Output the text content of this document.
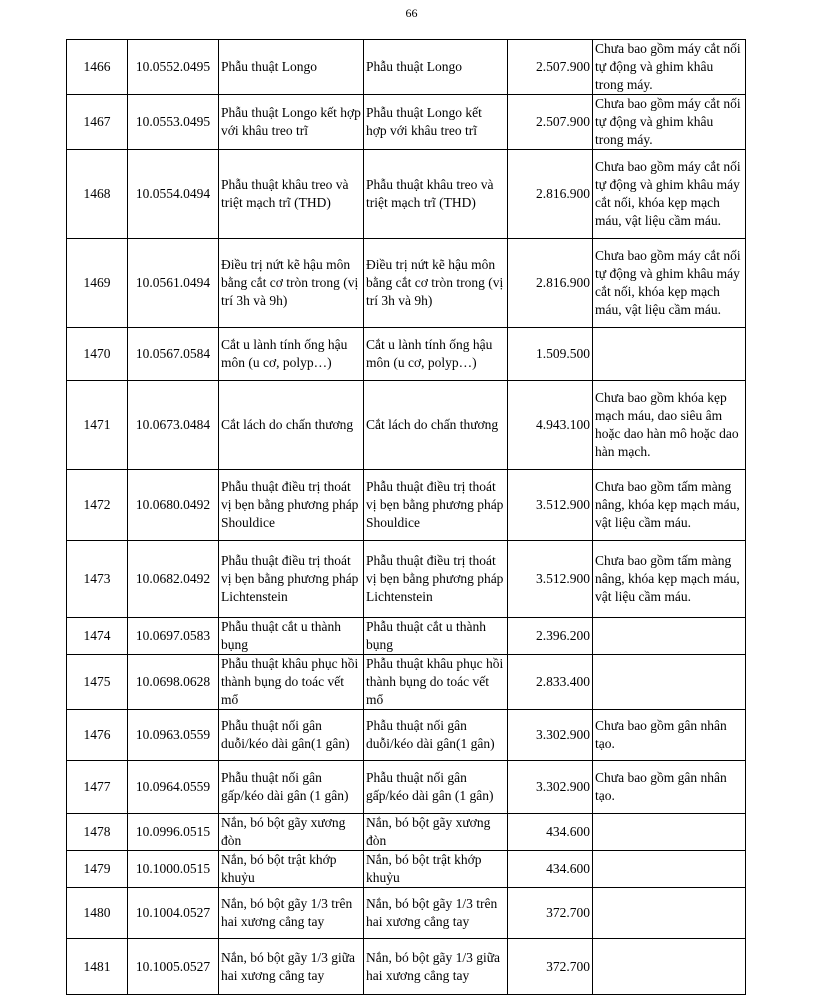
66
1466	10.0552.0495	Phẫu thuật Longo	Phẫu thuật Longo	2.507.900	Chưa bao gồm máy cắt nối tự động và ghim khâu trong máy.
1467	10.0553.0495	Phẫu thuật Longo kết hợp với khâu treo trĩ	Phẫu thuật Longo kết hợp với khâu treo trĩ	2.507.900	Chưa bao gồm máy cắt nối tự động và ghim khâu trong máy.
1468	10.0554.0494	Phẫu thuật khâu treo và triệt mạch trĩ (THD)	Phẫu thuật khâu treo và triệt mạch trĩ (THD)	2.816.900	Chưa bao gồm máy cắt nối tự động và ghim khâu máy cắt nối, khóa kẹp mạch máu, vật liệu cầm máu.
1469	10.0561.0494	Điều trị nứt kẽ hậu môn bằng cắt cơ tròn trong (vị trí 3h và 9h)	Điều trị nứt kẽ hậu môn bằng cắt cơ tròn trong (vị trí 3h và 9h)	2.816.900	Chưa bao gồm máy cắt nối tự động và ghim khâu máy cắt nối, khóa kẹp mạch máu, vật liệu cầm máu.
1470	10.0567.0584	Cắt u lành tính ống hậu môn (u cơ, polyp…)	Cắt u lành tính ống hậu môn (u cơ, polyp…)	1.509.500	
1471	10.0673.0484	Cắt lách do chấn thương	Cắt lách do chấn thương	4.943.100	Chưa bao gồm khóa kẹp mạch máu, dao siêu âm hoặc dao hàn mô hoặc dao hàn mạch.
1472	10.0680.0492	Phẫu thuật điều trị thoát vị bẹn bằng phương pháp Shouldice	Phẫu thuật điều trị thoát vị bẹn bằng phương pháp Shouldice	3.512.900	Chưa bao gồm tấm màng nâng, khóa kẹp mạch máu, vật liệu cầm máu.
1473	10.0682.0492	Phẫu thuật điều trị thoát vị bẹn bằng phương pháp Lichtenstein	Phẫu thuật điều trị thoát vị bẹn bằng phương pháp Lichtenstein	3.512.900	Chưa bao gồm tấm màng nâng, khóa kẹp mạch máu, vật liệu cầm máu.
1474	10.0697.0583	Phẫu thuật cắt u thành bụng	Phẫu thuật cắt u thành bụng	2.396.200	
1475	10.0698.0628	Phẫu thuật khâu phục hồi thành bụng do toác vết mổ	Phẫu thuật khâu phục hồi thành bụng do toác vết mổ	2.833.400	
1476	10.0963.0559	Phẫu thuật nối gân duỗi/kéo dài gân(1 gân)	Phẫu thuật nối gân duỗi/kéo dài gân(1 gân)	3.302.900	Chưa bao gồm gân nhân tạo.
1477	10.0964.0559	Phẫu thuật nối gân gấp/kéo dài gân (1 gân)	Phẫu thuật nối gân gấp/kéo dài gân (1 gân)	3.302.900	Chưa bao gồm gân nhân tạo.
1478	10.0996.0515	Nắn, bó bột gãy xương đòn	Nắn, bó bột gãy xương đòn	434.600	
1479	10.1000.0515	Nắn, bó bột trật khớp khuỷu	Nắn, bó bột trật khớp khuỷu	434.600	
1480	10.1004.0527	Nắn, bó bột gãy 1/3 trên hai xương cẳng tay	Nắn, bó bột gãy 1/3 trên hai xương cẳng tay	372.700	
1481	10.1005.0527	Nắn, bó bột gãy 1/3 giữa hai xương cẳng tay	Nắn, bó bột gãy 1/3 giữa hai xương cẳng tay	372.700	
